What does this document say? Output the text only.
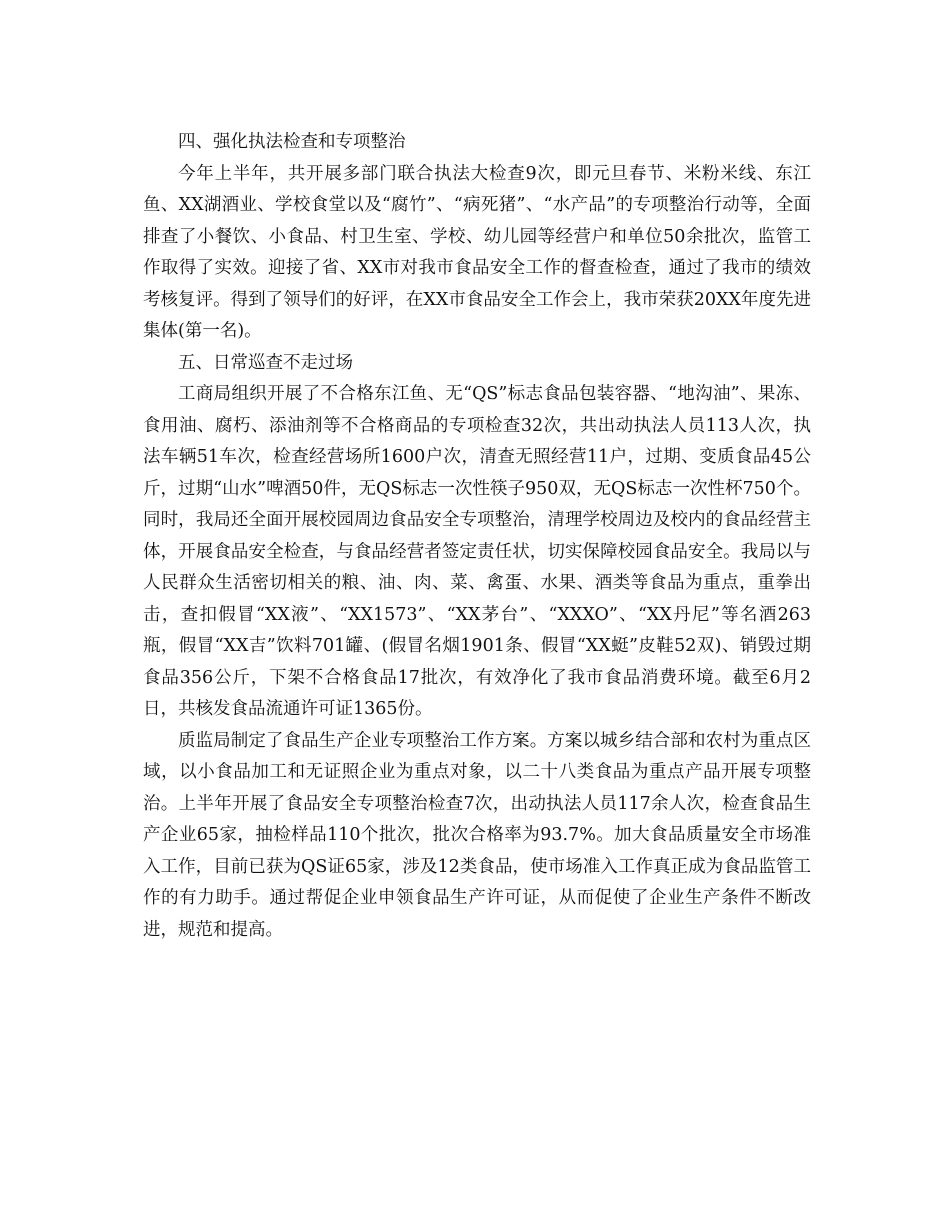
四、强化执法检查和专项整治

今年上半年，共开展多部门联合执法大检查9次，即元旦春节、米粉米线、东江鱼、XX湖酒业、学校食堂以及“腐竹”、“病死猪”、“水产品”的专项整治行动等，全面排查了小餐饮、小食品、村卫生室、学校、幼儿园等经营户和单位50余批次，监管工作取得了实效。迎接了省、XX市对我市食品安全工作的督查检查，通过了我市的绩效考核复评。得到了领导们的好评，在XX市食品安全工作会上，我市荣获20XX年度先进集体(第一名)。

五、日常巡查不走过场

工商局组织开展了不合格东江鱼、无“QS”标志食品包装容器、“地沟油”、果冻、食用油、腐朽、添油剂等不合格商品的专项检查32次，共出动执法人员113人次，执法车辆51车次，检查经营场所1600户次，清查无照经营11户，过期、变质食品45公斤，过期“山水”啤酒50件，无QS标志一次性筷子950双，无QS标志一次性杯750个。同时，我局还全面开展校园周边食品安全专项整治，清理学校周边及校内的食品经营主体，开展食品安全检查，与食品经营者签定责任状，切实保障校园食品安全。我局以与人民群众生活密切相关的粮、油、肉、菜、禽蛋、水果、酒类等食品为重点，重拳出击，查扣假冒“XX液”、“XX1573”、“XX茅台”、“XXXO”、“XX丹尼”等名酒263瓶，假冒“XX吉”饮料701罐、(假冒名烟1901条、假冒“XX蜓”皮鞋52双)、销毁过期食品356公斤，下架不合格食品17批次，有效净化了我市食品消费环境。截至6月2日，共核发食品流通许可证1365份。

质监局制定了食品生产企业专项整治工作方案。方案以城乡结合部和农村为重点区域，以小食品加工和无证照企业为重点对象，以二十八类食品为重点产品开展专项整治。上半年开展了食品安全专项整治检查7次，出动执法人员117余人次，检查食品生产企业65家，抽检样品110个批次，批次合格率为93.7%。加大食品质量安全市场准入工作，目前已获为QS证65家，涉及12类食品，使市场准入工作真正成为食品监管工作的有力助手。通过帮促企业申领食品生产许可证，从而促使了企业生产条件不断改进，规范和提高。
